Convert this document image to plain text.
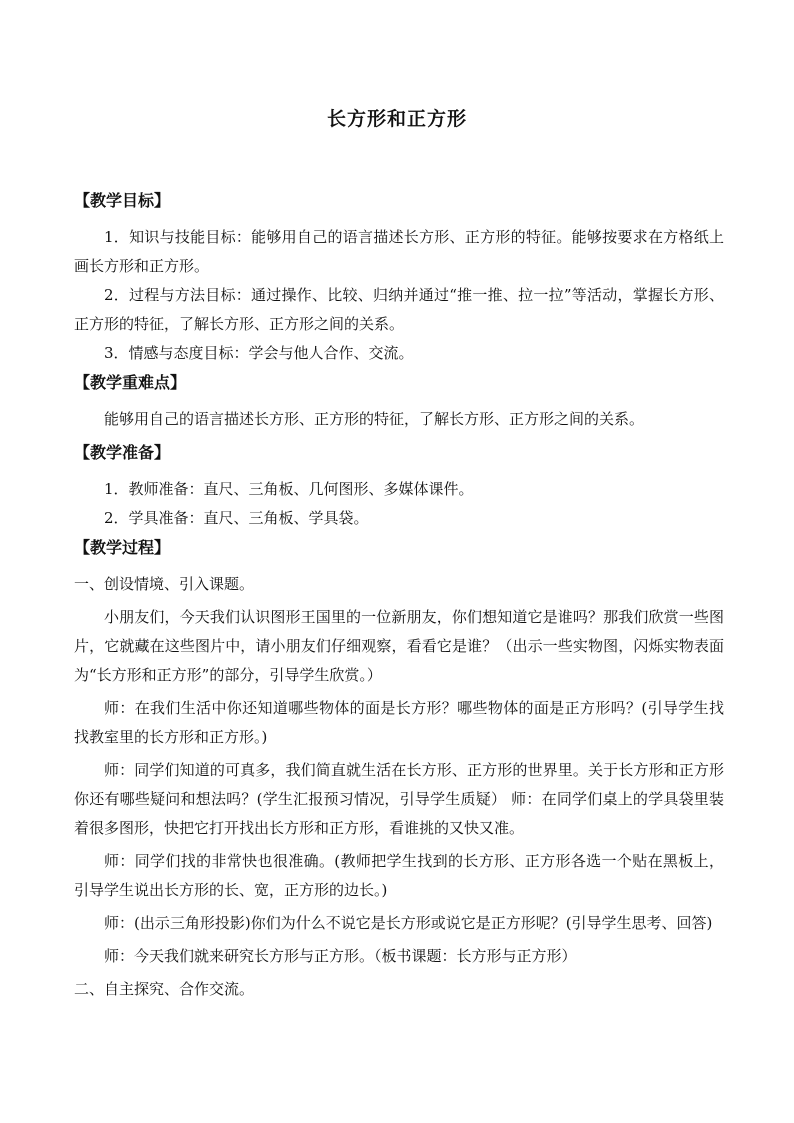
长方形和正方形
【教学目标】

1．知识与技能目标：能够用自己的语言描述长方形、正方形的特征。能够按要求在方格纸上画长方形和正方形。

2．过程与方法目标：通过操作、比较、归纳并通过“推一推、拉一拉”等活动，掌握长方形、正方形的特征，了解长方形、正方形之间的关系。

3．情感与态度目标：学会与他人合作、交流。

【教学重难点】

能够用自己的语言描述长方形、正方形的特征，了解长方形、正方形之间的关系。

【教学准备】

1．教师准备：直尺、三角板、几何图形、多媒体课件。

2．学具准备：直尺、三角板、学具袋。

【教学过程】

一、创设情境、引入课题。

小朋友们，今天我们认识图形王国里的一位新朋友，你们想知道它是谁吗？那我们欣赏一些图片，它就藏在这些图片中，请小朋友们仔细观察，看看它是谁？（出示一些实物图，闪烁实物表面为“长方形和正方形”的部分，引导学生欣赏。）

师：在我们生活中你还知道哪些物体的面是长方形？哪些物体的面是正方形吗？(引导学生找找教室里的长方形和正方形。)

师：同学们知道的可真多，我们简直就生活在长方形、正方形的世界里。关于长方形和正方形你还有哪些疑问和想法吗？(学生汇报预习情况，引导学生质疑） 师：在同学们桌上的学具袋里装着很多图形，快把它打开找出长方形和正方形，看谁挑的又快又准。

师：同学们找的非常快也很准确。(教师把学生找到的长方形、正方形各选一个贴在黑板上，引导学生说出长方形的长、宽，正方形的边长。)

师：(出示三角形投影)你们为什么不说它是长方形或说它是正方形呢？(引导学生思考、回答)

师：今天我们就来研究长方形与正方形。（板书课题：长方形与正方形）

二、自主探究、合作交流。
